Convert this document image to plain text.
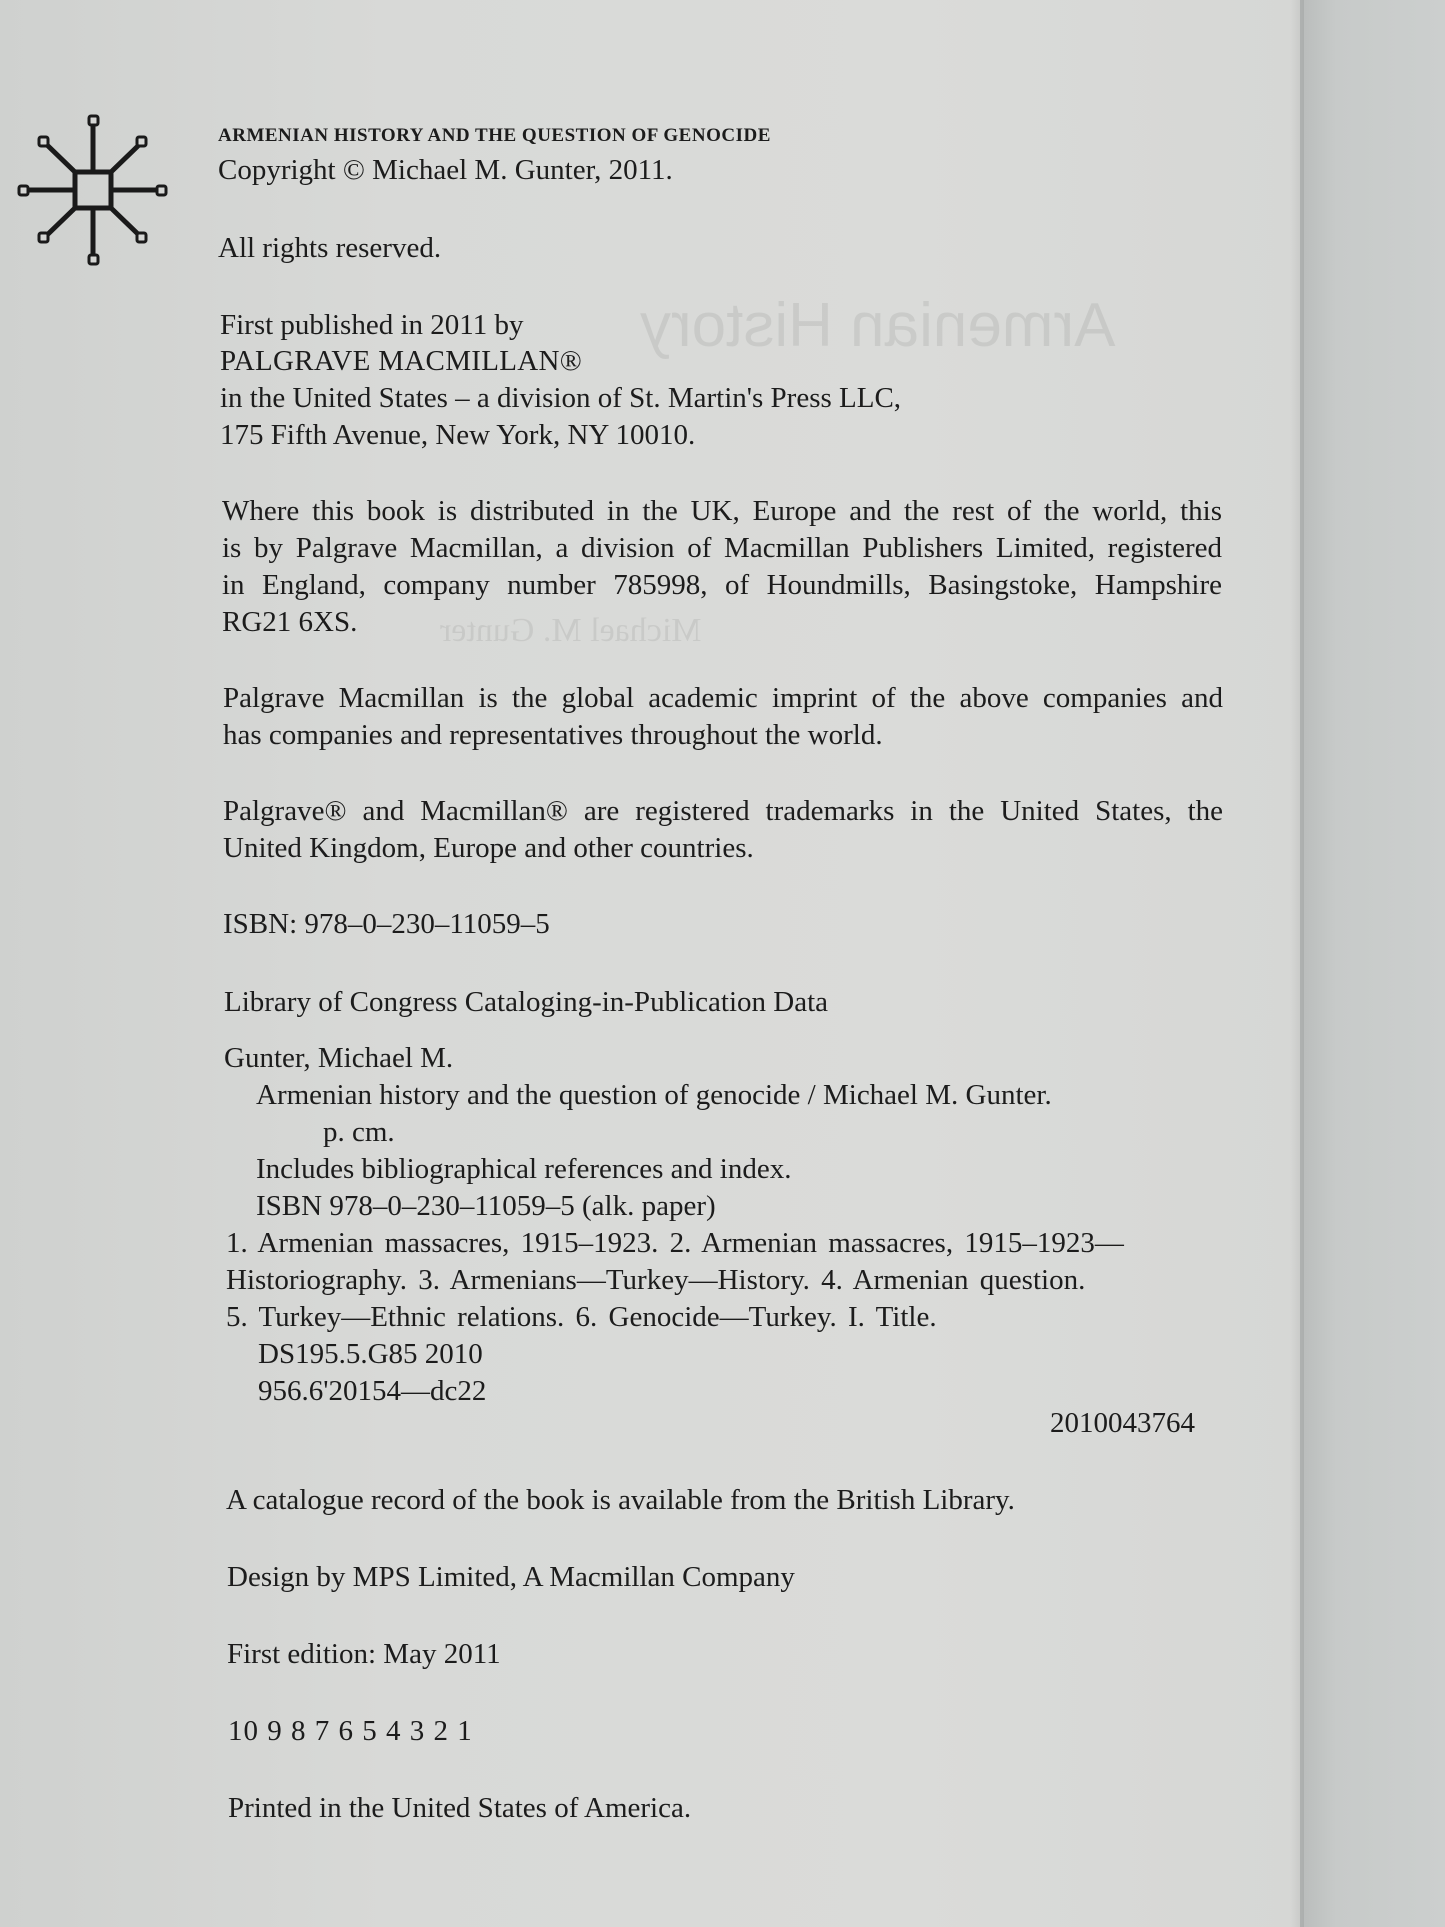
ARMENIAN HISTORY AND THE QUESTION OF GENOCIDE
Copyright © Michael M. Gunter, 2011.
All rights reserved.
First published in 2011 by
PALGRAVE MACMILLAN®
in the United States – a division of St. Martin's Press LLC,
175 Fifth Avenue, New York, NY 10010.
Where this book is distributed in the UK, Europe and the rest of the world, this
is by Palgrave Macmillan, a division of Macmillan Publishers Limited, registered
in England, company number 785998, of Houndmills, Basingstoke, Hampshire
RG21 6XS.
Palgrave Macmillan is the global academic imprint of the above companies and
has companies and representatives throughout the world.
Palgrave® and Macmillan® are registered trademarks in the United States, the
United Kingdom, Europe and other countries.
ISBN: 978–0–230–11059–5
Library of Congress Cataloging-in-Publication Data
Gunter, Michael M.
Armenian history and the question of genocide / Michael M. Gunter.
p. cm.
Includes bibliographical references and index.
ISBN 978–0–230–11059–5 (alk. paper)
1. Armenian massacres, 1915–1923. 2. Armenian massacres, 1915–1923—
Historiography. 3. Armenians—Turkey—History. 4. Armenian question.
5. Turkey—Ethnic relations. 6. Genocide—Turkey. I. Title.
DS195.5.G85 2010
956.6'20154—dc22
2010043764
A catalogue record of the book is available from the British Library.
Design by MPS Limited, A Macmillan Company
First edition: May 2011
10 9 8 7 6 5 4 3 2 1
Printed in the United States of America.
